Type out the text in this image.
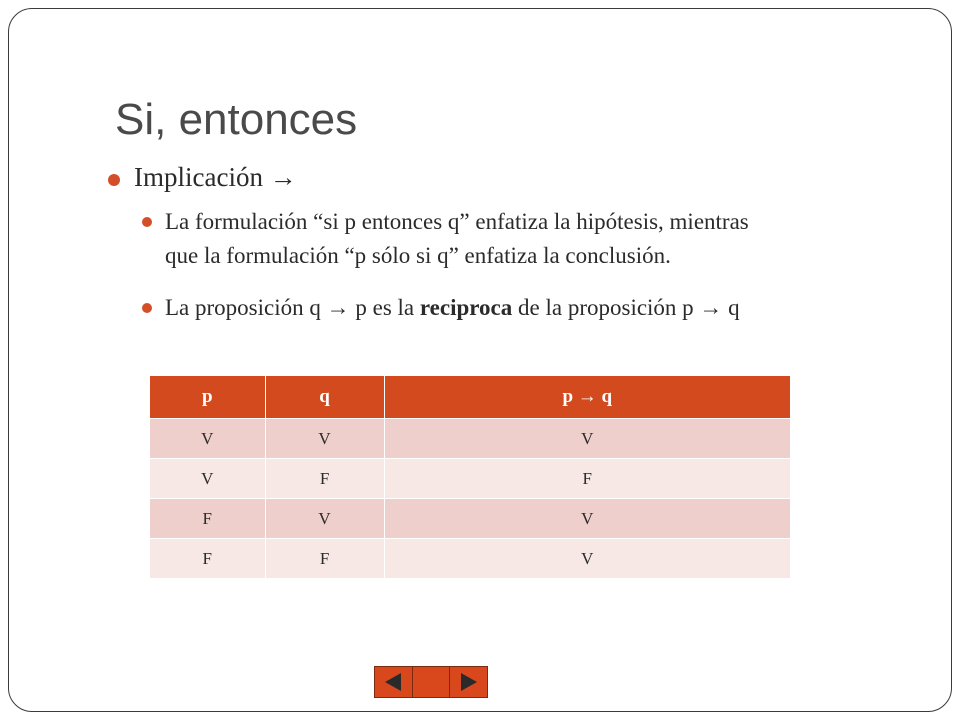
Si, entonces
Implicación →
La formulación “si p entonces q” enfatiza la hipótesis, mientras
que la formulación “p sólo si q” enfatiza la conclusión.
La proposición q → p es la reciproca de la proposición p → q
p	q	p → q
V	V	V
V	F	F
F	V	V
F	F	V
